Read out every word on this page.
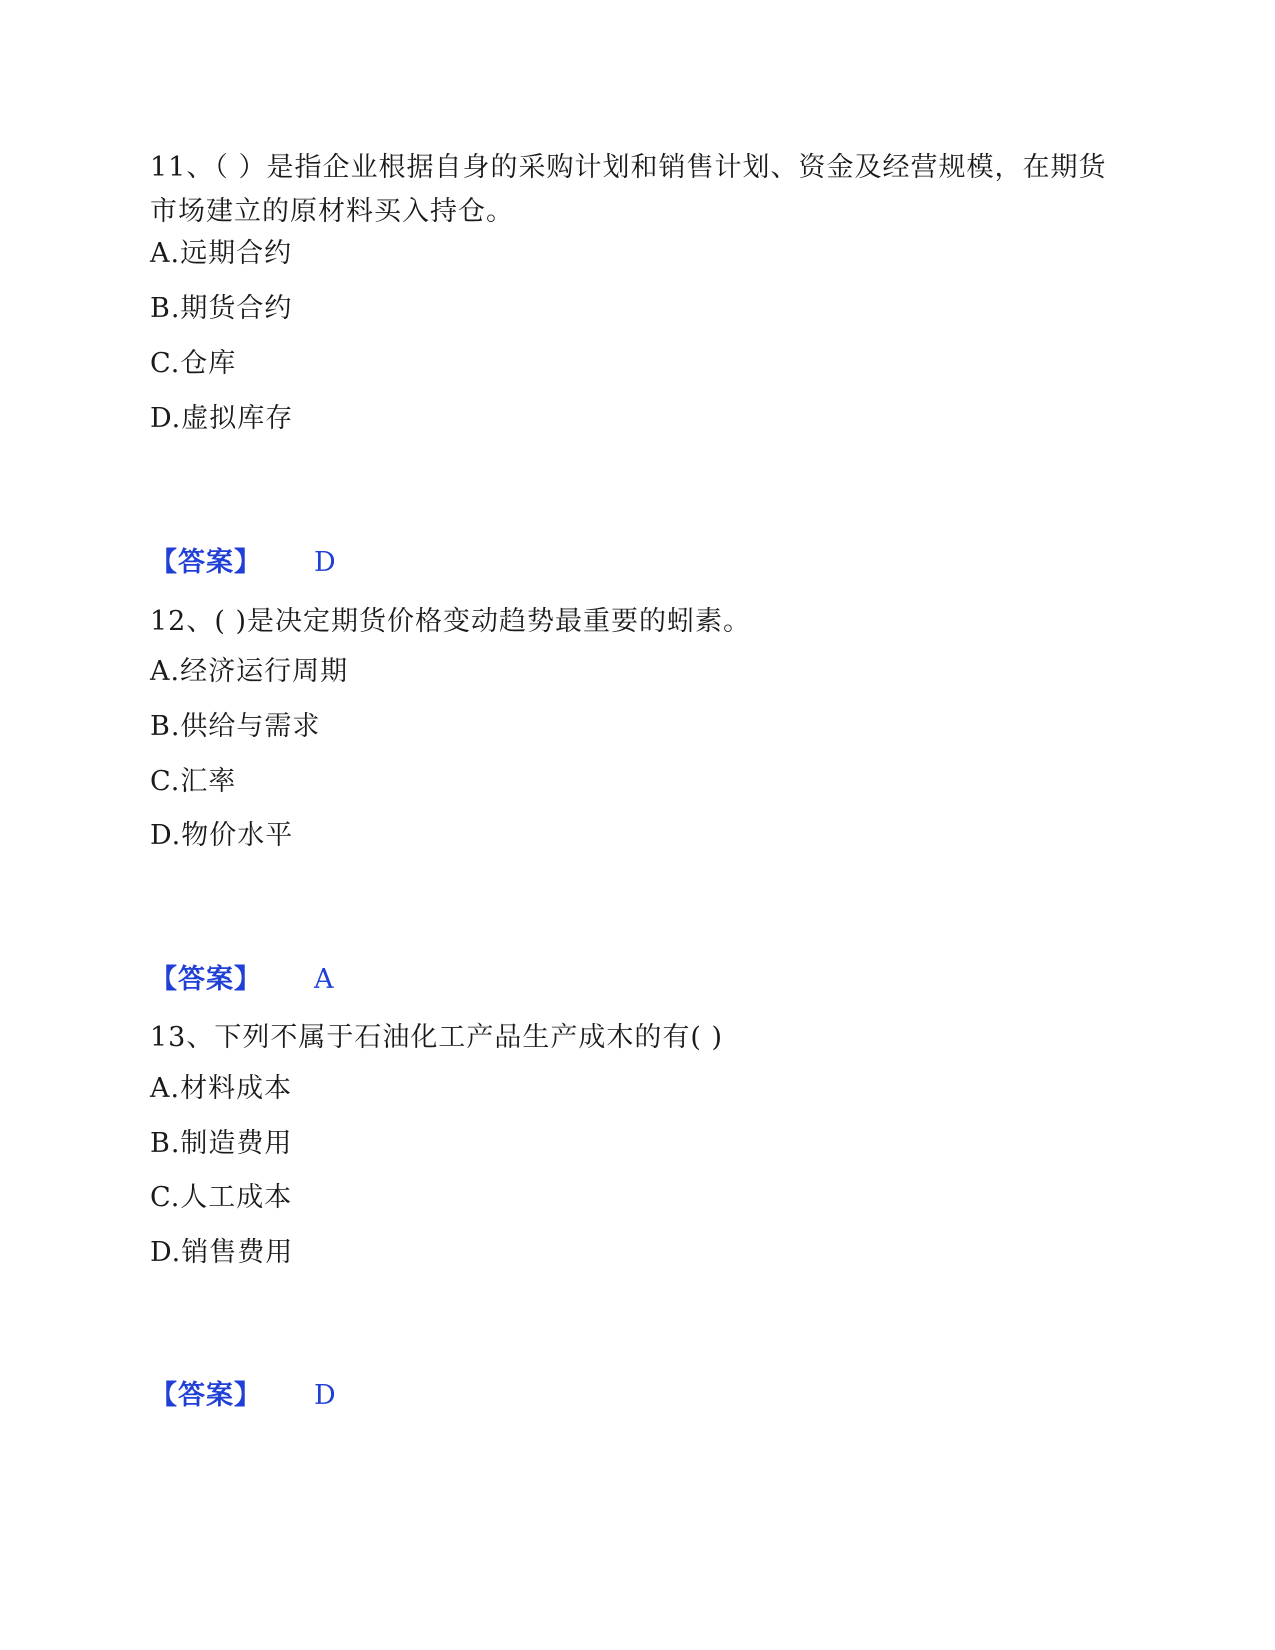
11、（ ）是指企业根据自身的采购计划和销售计划、资金及经营规模，在期货市场建立的原材料买入持仓。
A.远期合约
B.期货合约
C.仓库
D.虚拟库存
【答案】 D
12、( )是决定期货价格变动趋势最重要的蚓素。
A.经济运行周期
B.供给与需求
C.汇率
D.物价水平
【答案】 A
13、下列不属于石油化工产品生产成木的有( )
A.材料成本
B.制造费用
C.人工成本
D.销售费用
【答案】 D
